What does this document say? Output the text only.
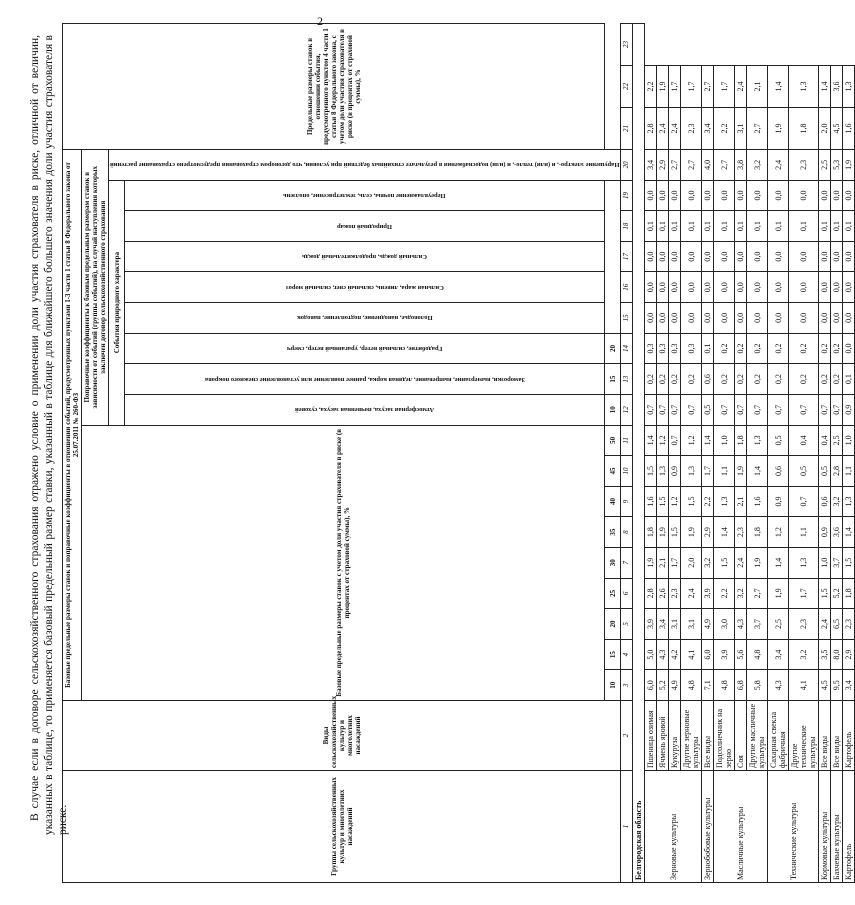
2
В случае если в договоре сельскохозяйственного страхования отражено условие о применении доли участия страхователя в риске, отличной от величин, указанных в таблице, то применяется базовый предельный размер ставки, указанный в таблице для ближайшего большего значения доли участия страхователя в риске.	Группы сельскохозяйственных культур и многолетних насаждений	Виды сельскохозяйственных культур и многолетних насаждений	Базовые предельные размеры ставок и поправочные коэффициенты в отношении событий, предусмотренных пунктами 1-3 части 1 статьи 8 Федерального закона от 25.07.2011 № 260-ФЗ																		Предельные размеры ставок в отношении события, предусмотренного пунктом 4 части 1 статьи 8 Федерального закона, с учетом доли участия страхователя в риске (в процентах от страховой суммы), %		
		Базовые предельные размеры ставок с учетом доли участия страхователя в риске (в процентах от страховой суммы), %									Поправочные коэффициенты к базовым предельным размерам ставок в зависимости от событий (группы событий), на случай наступления которых заключен договор сельскохозяйственного страхования											
											События природного характера								Нарушение электро-, и (или) тепло-, и (или) водоснабжения в результате стихийных бедствий при условии, что договором страхования предусмотрено страхование растений			

											Атмосферная засуха, почвенная засуха, суховей	Заморозки, вымерзание, выпревание, ледяная корка, раннее появление или установление снежного покрова	Градобитие, сильный ветер, ураганный ветер, смерч	Половодье, наводнение, подтопление, паводок	Сильная жара, ливень, сильный снег, сильный мороз	Сильный дождь, продолжительный дождь	Природный пожар	Переувлажнение почвы, сель, землетрясение, оползень				

		10	15	20	25	30	35	40	45	50	10	15	20									
1	2	3	4	5	6	7	8	9	10	11	12	13	14	15	16	17	18	19	20	21	22	23
Белгородская область																						
Зерновые культуры	Пшеница озимая	6,0	5,0	3,9	2,8	1,9	1,8	1,6	1,5	1,4	0,7	0,2	0,3	0,0	0,0	0,0	0,1	0,0	3,4	2,8	2,2	
	Ячмень яровой	5,2	4,3	3,4	2,6	2,1	1,9	1,5	1,3	1,2	0,7	0,2	0,3	0,0	0,0	0,0	0,1	0,0	2,9	2,4	1,9	
	Кукуруза	4,9	4,2	3,1	2,3	1,7	1,5	1,2	0,9	0,7	0,7	0,2	0,3	0,0	0,0	0,0	0,1	0,0	2,7	2,4	1,7	
	Другие зерновые культуры	4,8	4,1	3,1	2,4	2,0	1,9	1,5	1,3	1,2	0,7	0,2	0,3	0,0	0,0	0,0	0,1	0,0	2,7	2,3	1,7	
Зернобобовые культуры	Все виды	7,1	6,0	4,9	3,9	3,2	2,9	2,2	1,7	1,4	0,5	0,6	0,1	0,0	0,0	0,0	0,1	0,0	4,0	3,4	2,7	
Масличные культуры	Подсолнечник на зерно	4,8	3,9	3,0	2,2	1,5	1,4	1,3	1,1	1,0	0,7	0,2	0,2	0,0	0,0	0,0	0,1	0,0	2,7	2,2	1,7	
	Соя	6,8	5,6	4,3	3,2	2,4	2,3	2,1	1,9	1,8	0,7	0,2	0,2	0,0	0,0	0,0	0,1	0,0	3,8	3,1	2,4	
	Другие масличные культуры	5,8	4,8	3,7	2,7	1,9	1,8	1,6	1,4	1,3	0,7	0,2	0,2	0,0	0,0	0,0	0,1	0,0	3,2	2,7	2,1	
Технические культуры	Сахарная свекла фабричная	4,3	3,4	2,5	1,9	1,4	1,2	0,9	0,6	0,5	0,7	0,2	0,2	0,0	0,0	0,0	0,1	0,0	2,4	1,9	1,4	
	Другие технические культуры	4,1	3,2	2,3	1,7	1,3	1,1	0,7	0,5	0,4	0,7	0,2	0,2	0,0	0,0	0,0	0,1	0,0	2,3	1,8	1,3	
Кормовые культуры	Все виды	4,5	3,5	2,4	1,5	1,0	0,9	0,6	0,5	0,4	0,7	0,2	0,2	0,0	0,0	0,0	0,1	0,0	2,5	2,0	1,4	
Бахчевые культуры	Все виды	9,5	8,0	6,5	5,2	3,7	3,6	3,2	2,8	2,5	0,7	0,2	0,2	0,0	0,0	0,0	0,1	0,0	5,3	4,5	3,6	
Картофель	Картофель	3,4	2,9	2,3	1,8	1,5	1,4	1,3	1,1	1,0	0,9	0,1	0,0	0,0	0,0	0,0	0,1	0,0	1,9	1,6	1,3	
